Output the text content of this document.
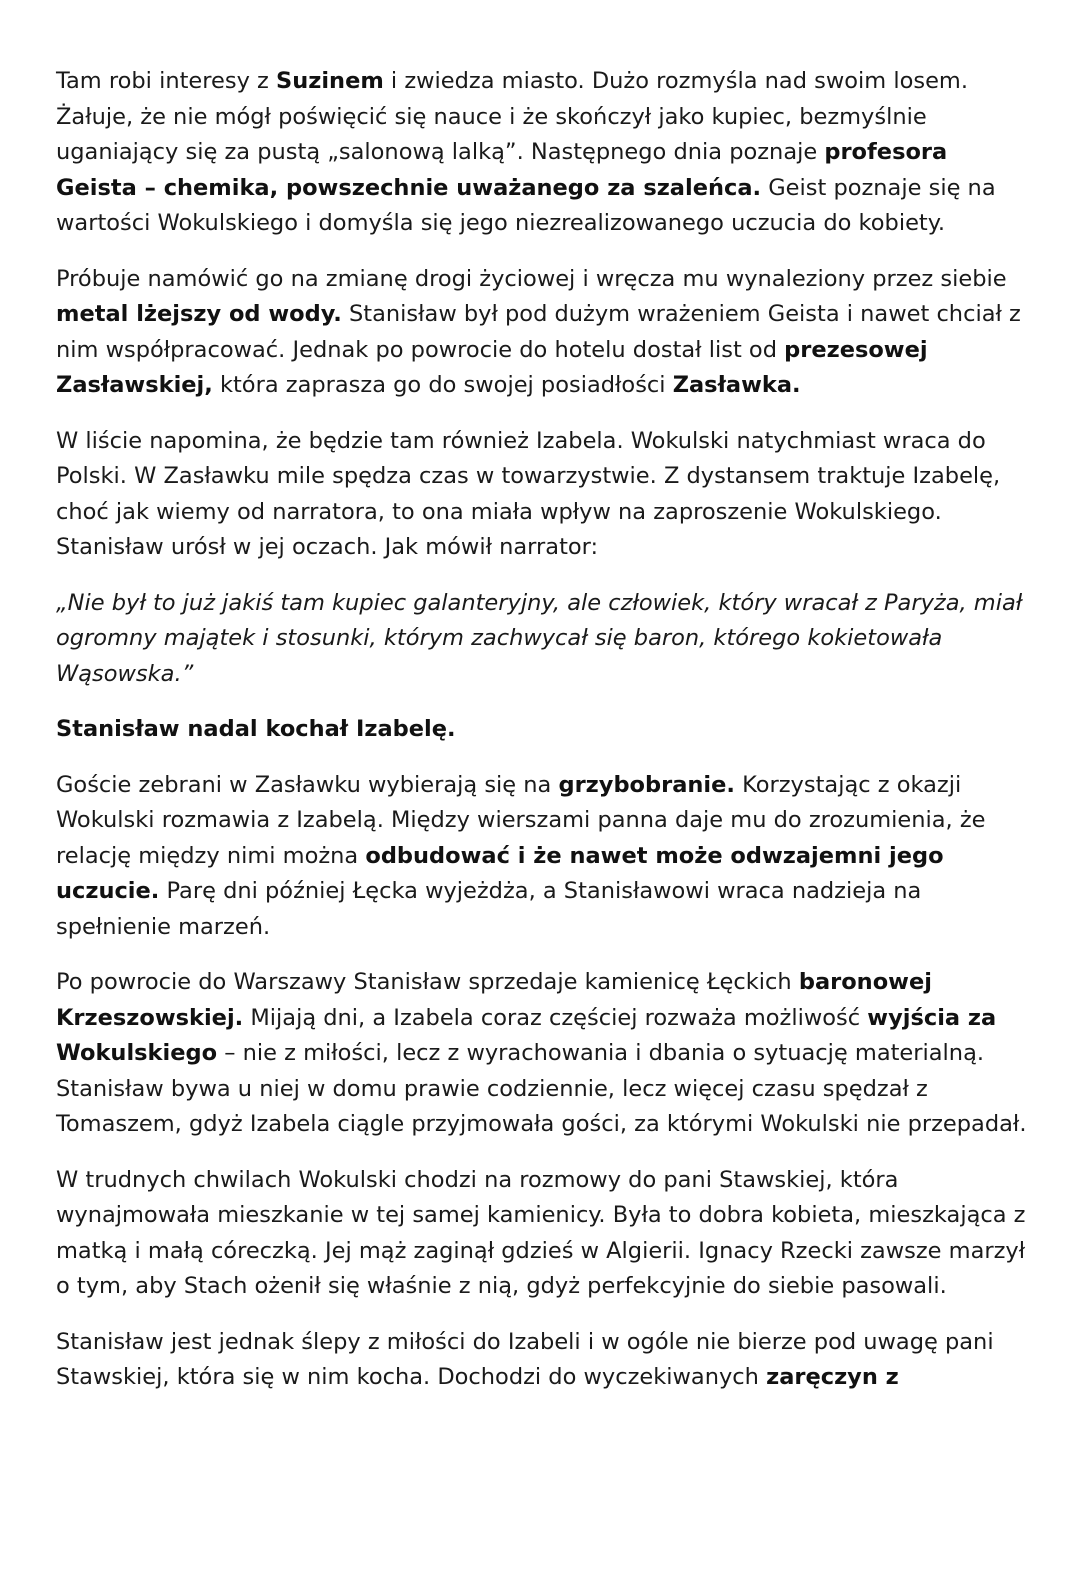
Tam robi interesy z Suzinem i zwiedza miasto. Dużo rozmyśla nad swoim losem. Żałuje, że nie mógł poświęcić się nauce i że skończył jako kupiec, bezmyślnie uganiający się za pustą „salonową lalką”. Następnego dnia poznaje profesora Geista – chemika, powszechnie uważanego za szaleńca. Geist poznaje się na wartości Wokulskiego i domyśla się jego niezrealizowanego uczucia do kobiety.

Próbuje namówić go na zmianę drogi życiowej i wręcza mu wynaleziony przez siebie metal lżejszy od wody. Stanisław był pod dużym wrażeniem Geista i nawet chciał z nim współpracować. Jednak po powrocie do hotelu dostał list od prezesowej Zasławskiej, która zaprasza go do swojej posiadłości Zasławka.

W liście napomina, że będzie tam również Izabela. Wokulski natychmiast wraca do Polski. W Zasławku mile spędza czas w towarzystwie. Z dystansem traktuje Izabelę, choć jak wiemy od narratora, to ona miała wpływ na zaproszenie Wokulskiego. Stanisław urósł w jej oczach. Jak mówił narrator:

„Nie był to już jakiś tam kupiec galanteryjny, ale człowiek, który wracał z Paryża, miał ogromny majątek i stosunki, którym zachwycał się baron, którego kokietowała Wąsowska.”

Stanisław nadal kochał Izabelę.

Goście zebrani w Zasławku wybierają się na grzybobranie. Korzystając z okazji Wokulski rozmawia z Izabelą. Między wierszami panna daje mu do zrozumienia, że relację między nimi można odbudować i że nawet może odwzajemni jego uczucie. Parę dni później Łęcka wyjeżdża, a Stanisławowi wraca nadzieja na spełnienie marzeń.

Po powrocie do Warszawy Stanisław sprzedaje kamienicę Łęckich baronowej Krzeszowskiej. Mijają dni, a Izabela coraz częściej rozważa możliwość wyjścia za Wokulskiego – nie z miłości, lecz z wyrachowania i dbania o sytuację materialną. Stanisław bywa u niej w domu prawie codziennie, lecz więcej czasu spędzał z Tomaszem, gdyż Izabela ciągle przyjmowała gości, za którymi Wokulski nie przepadał.

W trudnych chwilach Wokulski chodzi na rozmowy do pani Stawskiej, która wynajmowała mieszkanie w tej samej kamienicy. Była to dobra kobieta, mieszkająca z matką i małą córeczką. Jej mąż zaginął gdzieś w Algierii. Ignacy Rzecki zawsze marzył o tym, aby Stach ożenił się właśnie z nią, gdyż perfekcyjnie do siebie pasowali.

Stanisław jest jednak ślepy z miłości do Izabeli i w ogóle nie bierze pod uwagę pani Stawskiej, która się w nim kocha. Dochodzi do wyczekiwanych zaręczyn z
